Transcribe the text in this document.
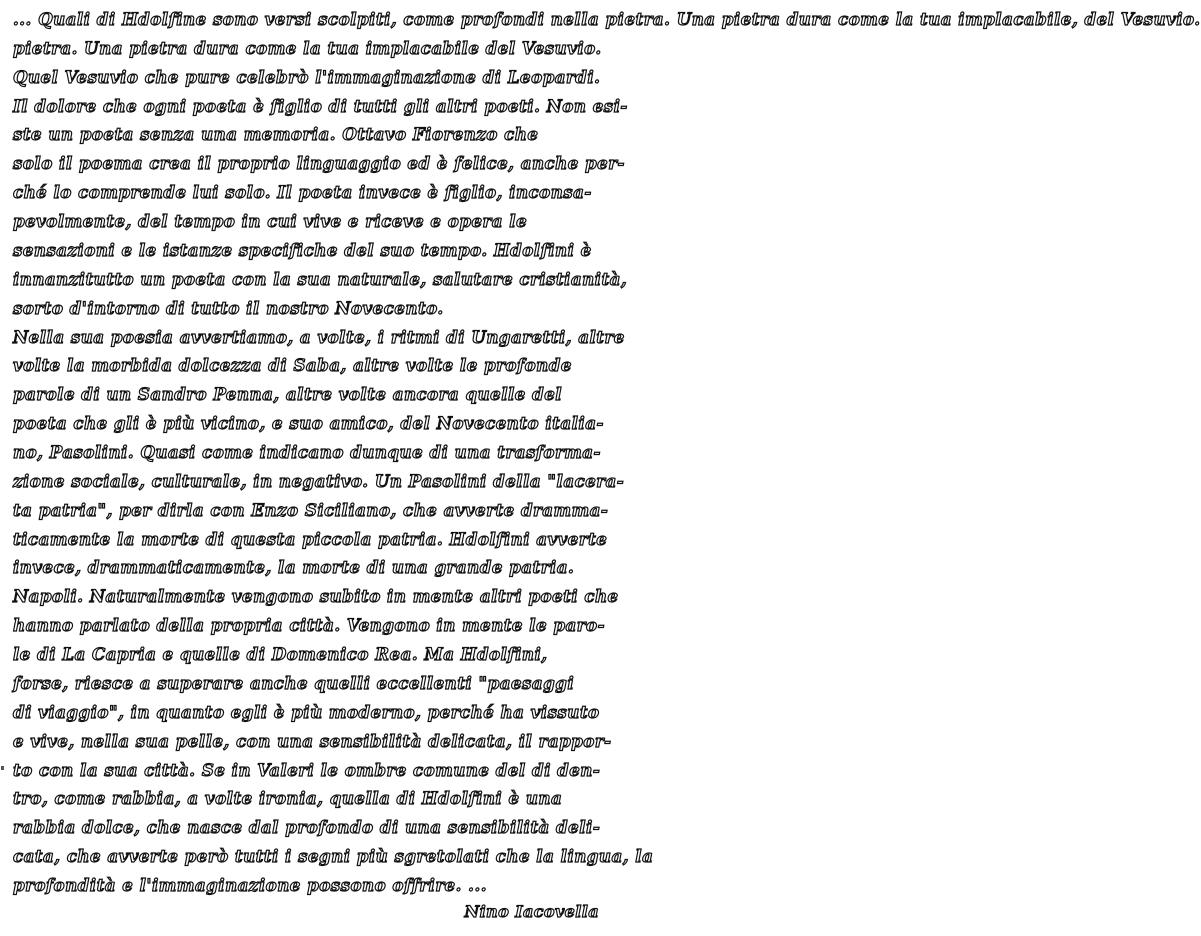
... Quali di Hdolfine sono versi scolpiti, come profondi nella pietra. Una pietra dura come la tua implacabile, del Vesuvio.
pietra. Una pietra dura come la tua implacabile del Vesuvio.
Quel Vesuvio che pure celebrò l'immaginazione di Leopardi.
Il dolore che ogni poeta è figlio di tutti gli altri poeti. Non esi-
ste un poeta senza una memoria. Ottavo Fiorenzo che
solo il poema crea il proprio linguaggio ed è felice, anche per-
ché lo comprende lui solo. Il poeta invece è figlio, inconsa-
pevolmente, del tempo in cui vive e riceve e opera le
sensazioni e le istanze specifiche del suo tempo. Hdolfini è
innanzitutto un poeta con la sua naturale, salutare cristianità,
sorto d'intorno di tutto il nostro Novecento.
Nella sua poesia avvertiamo, a volte, i ritmi di Ungaretti, altre
volte la morbida dolcezza di Saba, altre volte le profonde
parole di un Sandro Penna, altre volte ancora quelle del
poeta che gli è più vicino, e suo amico, del Novecento italia-
no, Pasolini. Quasi come indicano dunque di una trasforma-
zione sociale, culturale, in negativo. Un Pasolini della "lacera-
ta patria", per dirla con Enzo Siciliano, che avverte dramma-
ticamente la morte di questa piccola patria. Hdolfini avverte
invece, drammaticamente, la morte di una grande patria.
Napoli. Naturalmente vengono subito in mente altri poeti che
hanno parlato della propria città. Vengono in mente le paro-
le di La Capria e quelle di Domenico Rea. Ma Hdolfini,
forse, riesce a superare anche quelli eccellenti "paesaggi
di viaggio", in quanto egli è più moderno, perché ha vissuto
e vive, nella sua pelle, con una sensibilità delicata, il rappor-
to con la sua città. Se in Valeri le ombre comune del di den-
tro, come rabbia, a volte ironia, quella di Hdolfini è una
rabbia dolce, che nasce dal profondo di una sensibilità deli-
cata, che avverte però tutti i segni più sgretolati che la lingua, la
profondità e l'immaginazione possono offrire. ...
Nino Iacovella
